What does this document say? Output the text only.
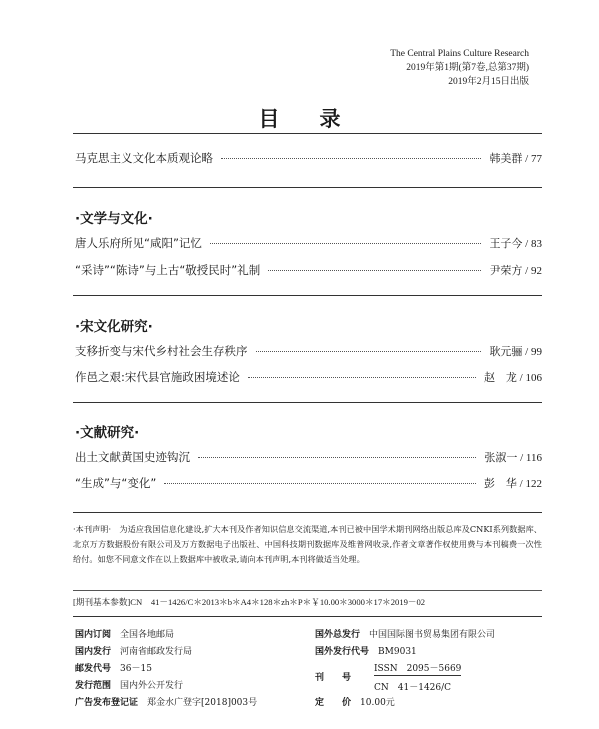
The Central Plains Culture Research
2019年第1期(第7卷,总第37期)
2019年2月15日出版
目录
马克思主义文化本质观论略	韩美群 / 77
·文学与文化·
唐人乐府所见“咸阳”记忆	王子今 / 83
“采诗”“陈诗”与上古“敬授民时”礼制	尹荣方 / 92
·宋文化研究·
支移折变与宋代乡村社会生存秩序	耿元骊 / 99
作邑之艰:宋代县官施政困境述论	赵　龙 / 106
·文献研究·
出土文献黄国史迹钩沉	张淑一 / 116
“生成”与“变化”	彭　华 / 122
·本刊声明·　为适应我国信息化建设,扩大本刊及作者知识信息交流渠道,本刊已被中国学术期刊网络出版总库及CNKI系列数据库、北京万方数据股份有限公司及万方数据电子出版社、中国科技期刊数据库及维普网收录,作者文章著作权使用费与本刊稿费一次性给付。如您不同意文作在以上数据库中被收录,请向本刊声明,本刊将做适当处理。
[期刊基本参数]CN　41－1426/C＊2013＊b＊A4＊128＊zh＊P＊￥10.00＊3000＊17＊2019－02
国内订阅　 全国各地邮局
国内发行　 河南省邮政发行局
邮发代号　 36－15
发行范围　 国内外公开发行
广告发布登记证　 郑金水广登字[2018]003号
国外总发行　 中国国际图书贸易集团有限公司
国外发行代号　 BM9031
刊　　号
ISSN　2095－5669
CN　41－1426/C
定　　价　 10.00元
